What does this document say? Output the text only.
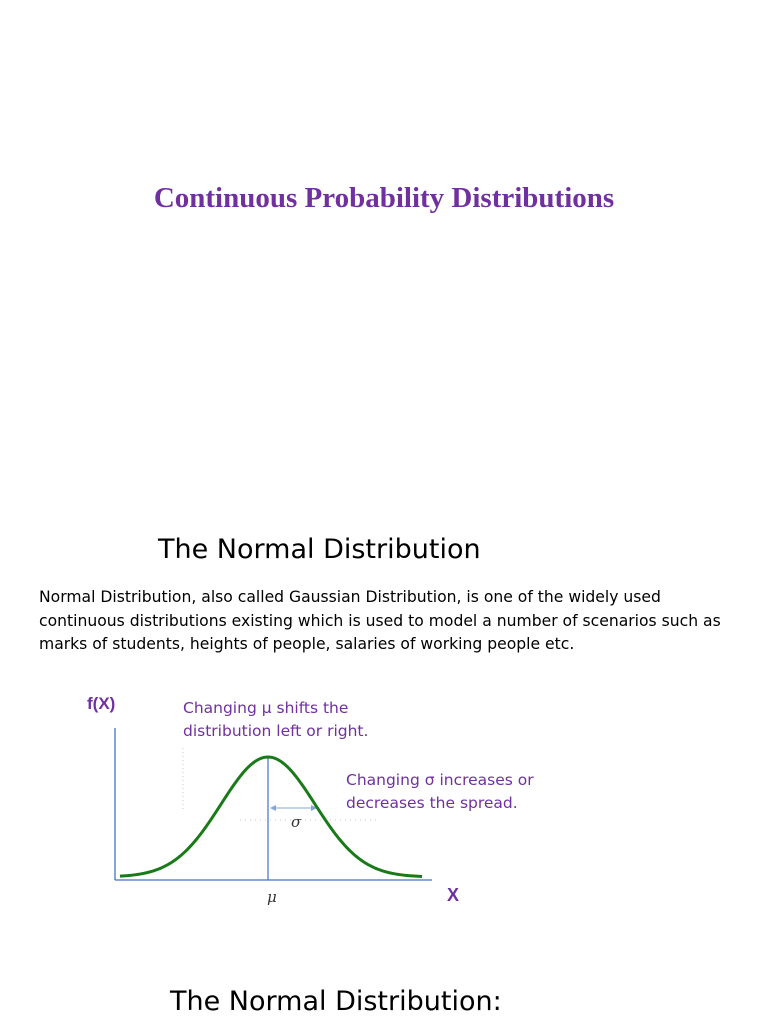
Continuous Probability Distributions
The Normal Distribution
Normal Distribution, also called Gaussian Distribution, is one of the widely used
continuous distributions existing which is used to model a number of scenarios such as
marks of students, heights of people, salaries of working people etc.
f(X)
X
Changing μ shifts the
distribution left or right.
Changing σ increases or
decreases the spread.
μ
σ
The Normal Distribution:
